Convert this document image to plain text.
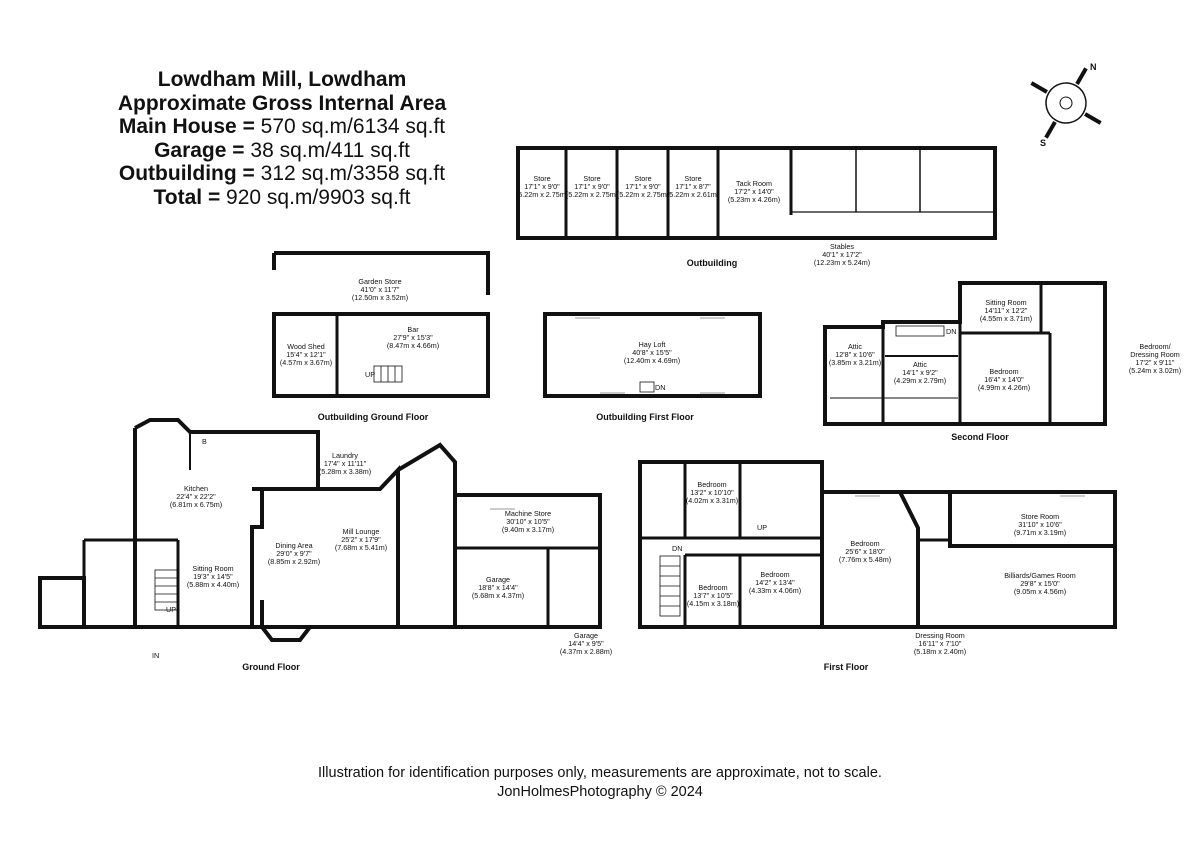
Lowdham Mill, Lowdham
Approximate Gross Internal Area
Main House = 570 sq.m/6134 sq.ft
Garage = 38 sq.m/411 sq.ft
Outbuilding = 312 sq.m/3358 sq.ft
Total = 920 sq.m/9903 sq.ft
N
S
Store
17'1" x 9'0"
(5.22m x 2.75m)
Store
17'1" x 9'0"
(5.22m x 2.75m)
Store
17'1" x 9'0"
(5.22m x 2.75m)
Store
17'1" x 8'7"
(5.22m x 2.61m)
Tack Room
17'2" x 14'0"
(5.23m x 4.26m)
Stables
40'1" x 17'2"
(12.23m x 5.24m)
Outbuilding
Garden Store
41'0" x 11'7"
(12.50m x 3.52m)
Wood Shed
15'4" x 12'1"
(4.57m x 3.67m)
Bar
27'9" x 15'3"
(8.47m x 4.66m)
Outbuilding Ground Floor
Hay Loft
40'8" x 15'5"
(12.40m x 4.69m)
Outbuilding First Floor
Attic
12'8" x 10'6"
(3.85m x 3.21m)	Attic
14'1" x 9'2"
(4.29m x 2.79m)
Sitting Room
14'11" x 12'2"
(4.55m x 3.71m)
Bedroom
16'4" x 14'0"
(4.99m x 4.26m)
Bedroom/
Dressing Room
17'2" x 9'11"
(5.24m x 3.02m)
Second Floor
Kitchen
22'4" x 22'2"
(6.81m x 6.75m)
Laundry
17'4" x 11'11"
(5.28m x 3.38m)
Sitting Room
19'3" x 14'5"
(5.88m x 4.40m)
Dining Area
29'0" x 9'7"
(8.85m x 2.92m)
Mill Lounge
25'2" x 17'9"
(7.68m x 5.41m)
Machine Store
30'10" x 10'5"
(9.40m x 3.17m)
Garage
18'8" x 14'4"
(5.68m x 4.37m)
Garage
14'4" x 9'5"
(4.37m x 2.88m)
Ground Floor
Bedroom
13'2" x 10'10"
(4.02m x 3.31m)
Bedroom
13'7" x 10'5"
(4.15m x 3.18m)
Bedroom
14'2" x 13'4"
(4.33m x 4.06m)
Bedroom
25'6" x 18'0"
(7.76m x 5.48m)
Store Room
31'10" x 10'6"
(9.71m x 3.19m)
Billiards/Games Room
29'8" x 15'0"
(9.05m x 4.56m)
Dressing Room
16'11" x 7'10"
(5.18m x 2.40m)
First Floor
UP
UP
DN
DN
DN
UP
IN
B
Illustration for identification purposes only, measurements are approximate, not to scale.
JonHolmesPhotography © 2024
